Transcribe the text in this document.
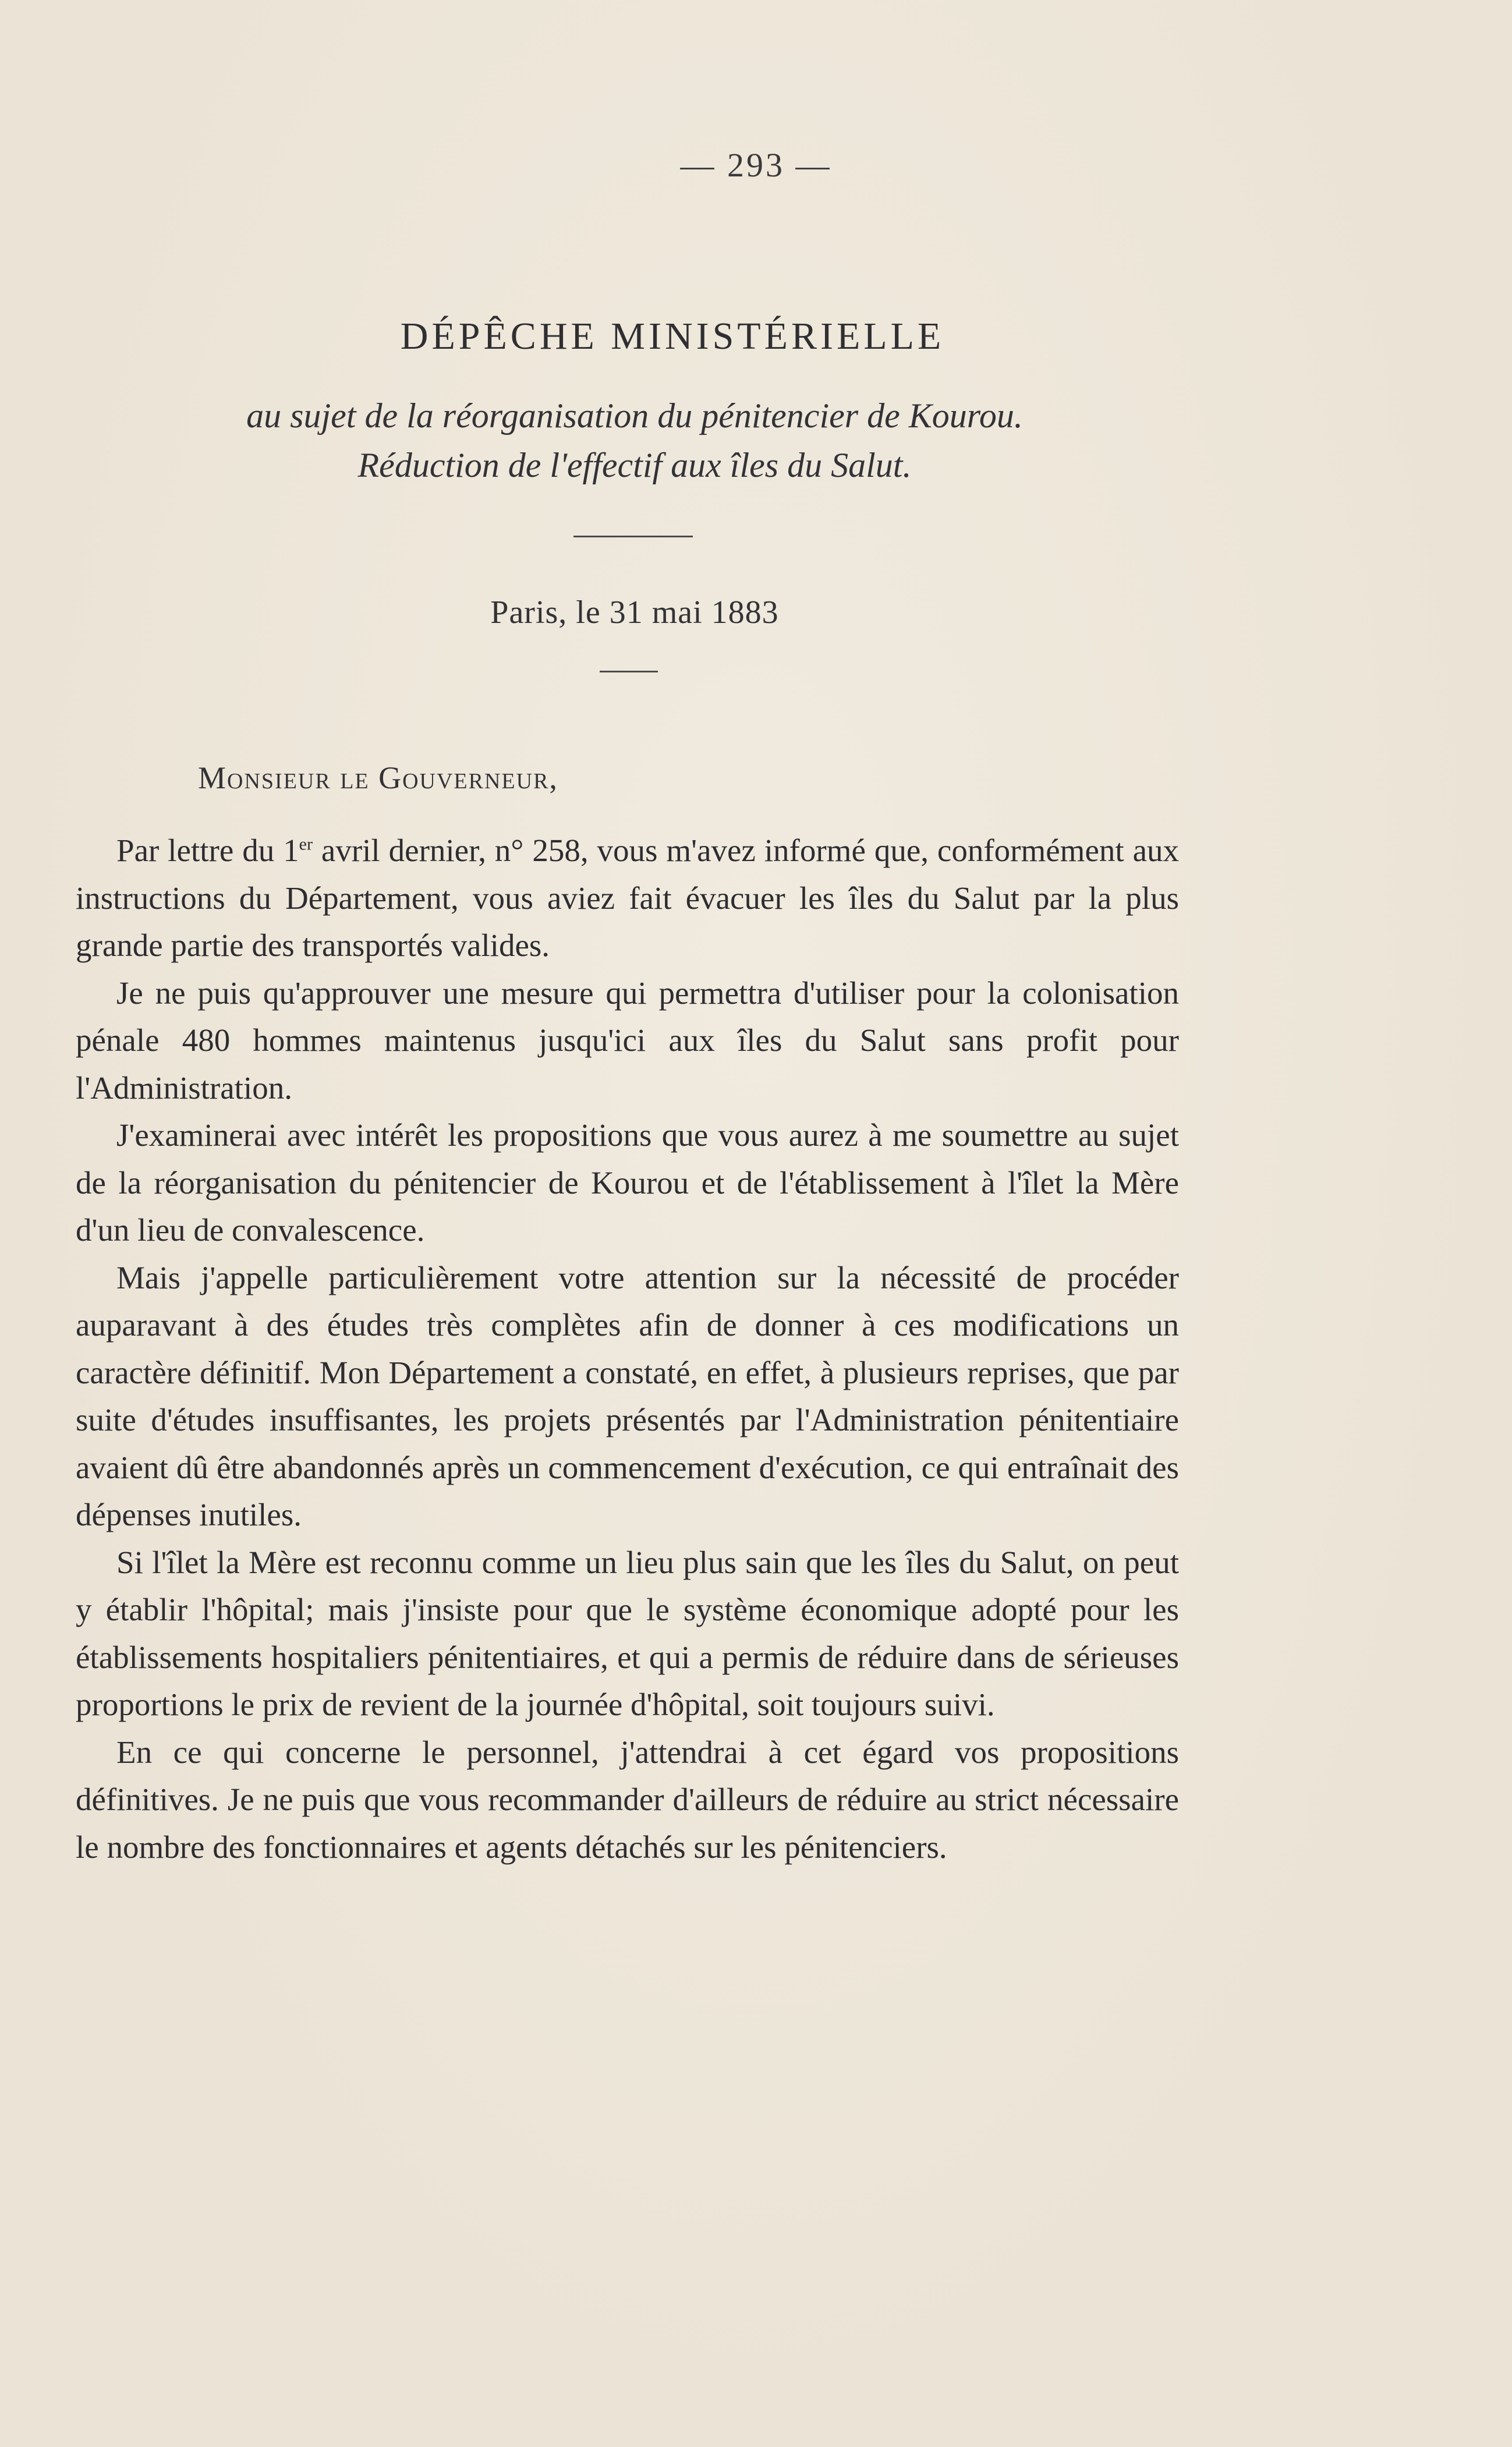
— 293 —
DÉPÊCHE MINISTÉRIELLE
au sujet de la réorganisation du pénitencier de Kourou.
Réduction de l'effectif aux îles du Salut.
Paris, le 31 mai 1883
Monsieur le Gouverneur,

Par lettre du 1er avril dernier, n° 258, vous m'avez informé que, conformément aux instructions du Département, vous aviez fait évacuer les îles du Salut par la plus grande partie des transportés valides.

Je ne puis qu'approuver une mesure qui permettra d'utiliser pour la colonisation pénale 480 hommes maintenus jusqu'ici aux îles du Salut sans profit pour l'Administration.

J'examinerai avec intérêt les propositions que vous aurez à me soumettre au sujet de la réorganisation du pénitencier de Kourou et de l'établissement à l'îlet la Mère d'un lieu de convalescence.

Mais j'appelle particulièrement votre attention sur la nécessité de procéder auparavant à des études très complètes afin de donner à ces modifications un caractère définitif. Mon Département a constaté, en effet, à plusieurs reprises, que par suite d'études insuffisantes, les projets présentés par l'Administration pénitentiaire avaient dû être abandonnés après un commencement d'exécution, ce qui entraînait des dépenses inutiles.

Si l'îlet la Mère est reconnu comme un lieu plus sain que les îles du Salut, on peut y établir l'hôpital; mais j'insiste pour que le système économique adopté pour les établissements hospitaliers pénitentiaires, et qui a permis de réduire dans de sérieuses proportions le prix de revient de la journée d'hôpital, soit toujours suivi.

En ce qui concerne le personnel, j'attendrai à cet égard vos propositions définitives. Je ne puis que vous recommander d'ailleurs de réduire au strict nécessaire le nombre des fonctionnaires et agents détachés sur les pénitenciers.
